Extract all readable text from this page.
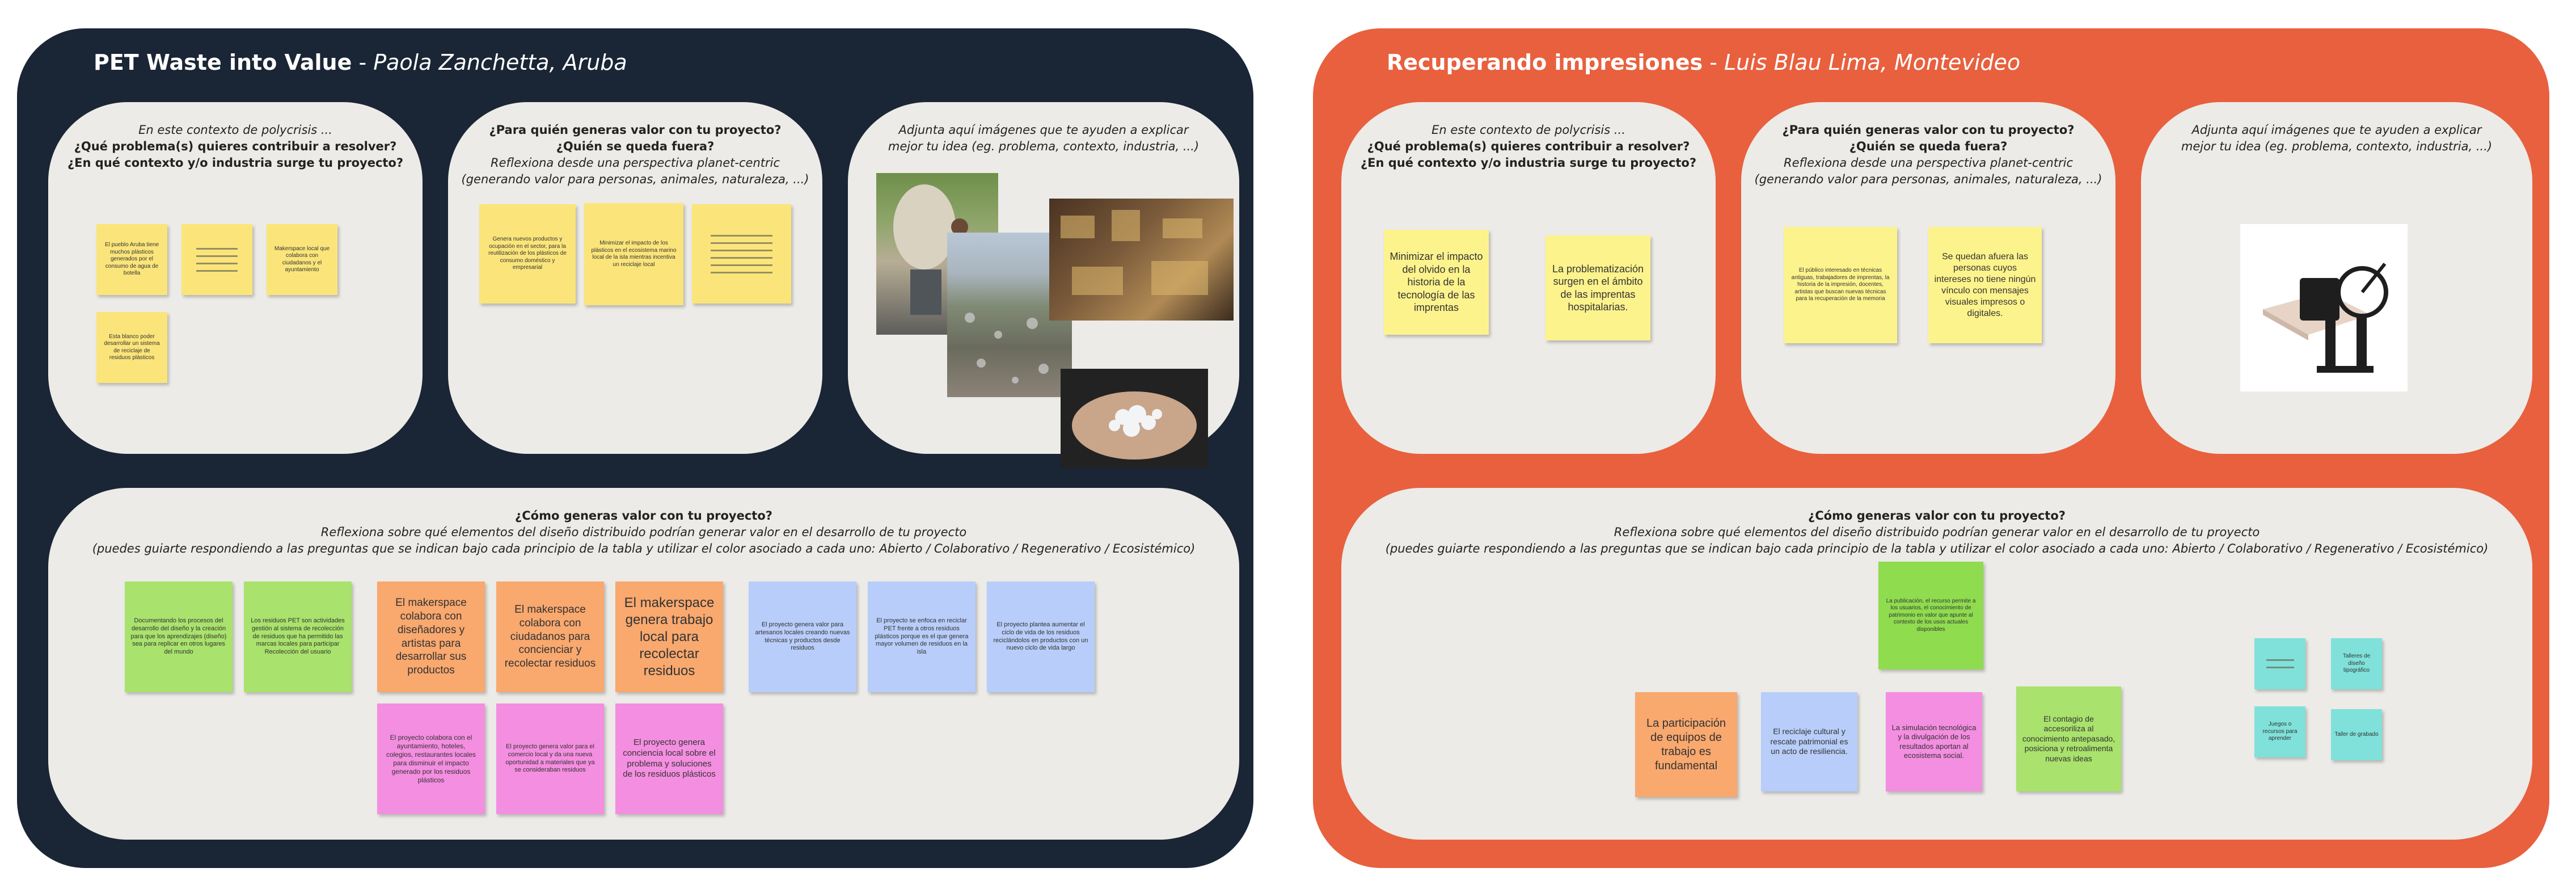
PET Waste into Value - Paola Zanchetta, Aruba
En este contexto de polycrisis ...
¿Qué problema(s) quieres contribuir a resolver?
¿En qué contexto y/o industria surge tu proyecto?
El pueblo Aruba tiene muchos plásticos generados por el consumo de agua de botella
Makerspace local que colabora con ciudadanos y el ayuntamiento
Esta blanco poder desarrollar un sistema de reciclaje de residuos plásticos
¿Para quién generas valor con tu proyecto?
¿Quién se queda fuera?
Reflexiona desde una perspectiva planet-centric
(generando valor para personas, animales, naturaleza, ...)
Genera nuevos productos y ocupación en el sector, para la reutilización de los plásticos de consumo doméstico y empresarial
Minimizar el impacto de los plásticos en el ecosistema marino local de la isla mientras incentiva un reciclaje local
Adjunta aquí imágenes que te ayuden a explicar
mejor tu idea (eg. problema, contexto, industria, ...)
¿Cómo generas valor con tu proyecto?
Reflexiona sobre qué elementos del diseño distribuido podrían generar valor en el desarrollo de tu proyecto
(puedes guiarte respondiendo a las preguntas que se indican bajo cada principio de la tabla y utilizar el color asociado a cada uno: Abierto / Colaborativo / Regenerativo / Ecosistémico)
Documentando los procesos del desarrollo del diseño y la creación para que los aprendizajes (diseño) sea para replicar en otros lugares del mundo
Los residuos PET son actividades gestión al sistema de recolección de residuos que ha permitido las marcas locales para participar Recolección del usuario
El makerspace colabora con diseñadores y artistas para desarrollar sus productos
El makerspace colabora con ciudadanos para concienciar y recolectar residuos
El makerspace genera trabajo local para recolectar residuos
El proyecto genera valor para artesanos locales creando nuevas técnicas y productos desde residuos
El proyecto se enfoca en reciclar PET frente a otros residuos plásticos porque es el que genera mayor volumen de residuos en la isla
El proyecto plantea aumentar el ciclo de vida de los residuos reciclándolos en productos con un nuevo ciclo de vida largo
El proyecto colabora con el ayuntamiento, hoteles, colegios, restaurantes locales para disminuir el impacto generado por los residuos plásticos
El proyecto genera valor para el comercio local y da una nueva oportunidad a materiales que ya se consideraban residuos
El proyecto genera conciencia local sobre el problema y soluciones de los residuos plásticos
Recuperando impresiones - Luis Blau Lima, Montevideo
En este contexto de polycrisis ...
¿Qué problema(s) quieres contribuir a resolver?
¿En qué contexto y/o industria surge tu proyecto?
Minimizar el impacto del olvido en la historia de la tecnología de las imprentas
La problematización surgen en el ámbito de las imprentas hospitalarias.
¿Para quién generas valor con tu proyecto?
¿Quién se queda fuera?
Reflexiona desde una perspectiva planet-centric
(generando valor para personas, animales, naturaleza, ...)
El público interesado en técnicas antiguas, trabajadores de imprentas, la historia de la impresión, docentes, artistas que buscan nuevas técnicas para la recuperación de la memoria
Se quedan afuera las personas cuyos intereses no tiene ningún vínculo con mensajes visuales impresos o digitales.
Adjunta aquí imágenes que te ayuden a explicar
mejor tu idea (eg. problema, contexto, industria, ...)
¿Cómo generas valor con tu proyecto?
Reflexiona sobre qué elementos del diseño distribuido podrían generar valor en el desarrollo de tu proyecto
(puedes guiarte respondiendo a las preguntas que se indican bajo cada principio de la tabla y utilizar el color asociado a cada uno: Abierto / Colaborativo / Regenerativo / Ecosistémico)
La publicación, el recurso permite a los usuarios, el conocimiento de patrimonio en valor que apunte al contexto de los usos actuales disponibles
La participación de equipos de trabajo es fundamental
El reciclaje cultural y rescate patrimonial es un acto de resiliencia.
La simulación tecnológica y la divulgación de los resultados aportan al ecosistema social.
El contagio de accesoriliza al conocimiento antepasado, posiciona y retroalimenta nuevas ideas
Talleres de diseño tipográfico
Juegos o recursos para aprender
Taller de grabado
